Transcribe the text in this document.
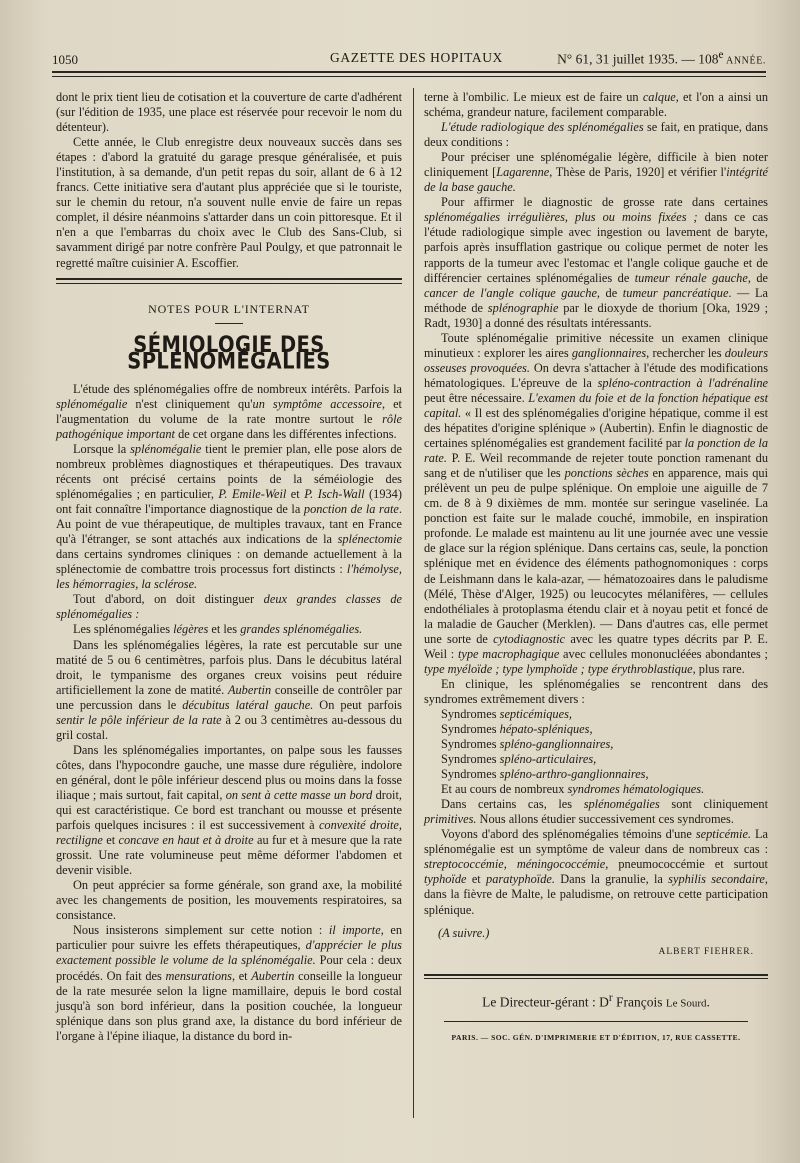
1050	GAZETTE DES HOPITAUX	N° 61, 31 juillet 1935. — 108e ANNÉE.

dont le prix tient lieu de cotisation et la couverture de carte d'adhérent (sur l'édition de 1935, une place est réservée pour recevoir le nom du détenteur).

Cette année, le Club enregistre deux nouveaux succès dans ses étapes : d'abord la gratuité du garage presque généralisée, et puis l'institution, à sa demande, d'un petit repas du soir, allant de 6 à 12 francs. Cette initiative sera d'autant plus appréciée que si le touriste, sur le chemin du retour, n'a souvent nulle envie de faire un repas complet, il désire néanmoins s'attarder dans un coin pittoresque. Et il n'en a que l'embarras du choix avec le Club des Sans-Club, si savamment dirigé par notre confrère Paul Poulgy, et que patronnait le regretté maître cuisinier A. Escoffier.

NOTES POUR L'INTERNAT
SÉMIOLOGIE DES SPLÉNOMÉGALIES

L'étude des splénomégalies offre de nombreux intérêts. Parfois la splénomégalie n'est cliniquement qu'un symptôme accessoire, et l'augmentation du volume de la rate montre surtout le rôle pathogénique important de cet organe dans les différentes infections.

Lorsque la splénomégalie tient le premier plan, elle pose alors de nombreux problèmes diagnostiques et thérapeutiques. Des travaux récents ont précisé certains points de la séméiologie des splénomégalies ; en particulier, P. Emile-Weil et P. Isch-Wall (1934) ont fait connaître l'importance diagnostique de la ponction de la rate. Au point de vue thérapeutique, de multiples travaux, tant en France qu'à l'étranger, se sont attachés aux indications de la splénectomie dans certains syndromes cliniques : on demande actuellement à la splénectomie de combattre trois processus fort distincts : l'hémolyse, les hémorragies, la sclérose.

Tout d'abord, on doit distinguer deux grandes classes de splénomégalies :

Les splénomégalies légères et les grandes splénomégalies.

Dans les splénomégalies légères, la rate est percutable sur une matité de 5 ou 6 centimètres, parfois plus. Dans le décubitus latéral droit, le tympanisme des organes creux voisins peut réduire artificiellement la zone de matité. Aubertin conseille de contrôler par une percussion dans le décubitus latéral gauche. On peut parfois sentir le pôle inférieur de la rate à 2 ou 3 centimètres au-dessous du gril costal.

Dans les splénomégalies importantes, on palpe sous les fausses côtes, dans l'hypocondre gauche, une masse dure régulière, indolore en général, dont le pôle inférieur descend plus ou moins dans la fosse iliaque ; mais surtout, fait capital, on sent à cette masse un bord droit, qui est caractéristique. Ce bord est tranchant ou mousse et présente parfois quelques incisures : il est successivement à convexité droite, rectiligne et concave en haut et à droite au fur et à mesure que la rate grossit. Une rate volumineuse peut même déformer l'abdomen et devenir visible.

On peut apprécier sa forme générale, son grand axe, la mobilité avec les changements de position, les mouvements respiratoires, sa consistance.

Nous insisterons simplement sur cette notion : il importe, en particulier pour suivre les effets thérapeutiques, d'apprécier le plus exactement possible le volume de la splénomégalie. Pour cela : deux procédés. On fait des mensurations, et Aubertin conseille la longueur de la rate mesurée selon la ligne mamillaire, depuis le bord costal jusqu'à son bord inférieur, dans la position couchée, la longueur splénique dans son plus grand axe, la distance du bord inférieur de l'organe à l'épine iliaque, la distance du bord in-

terne à l'ombilic. Le mieux est de faire un calque, et l'on a ainsi un schéma, grandeur nature, facilement comparable.

L'étude radiologique des splénomégalies se fait, en pratique, dans deux conditions :

Pour préciser une splénomégalie légère, difficile à bien noter cliniquement [Lagarenne, Thèse de Paris, 1920] et vérifier l'intégrité de la base gauche.

Pour affirmer le diagnostic de grosse rate dans certaines splénomégalies irrégulières, plus ou moins fixées ; dans ce cas l'étude radiologique simple avec ingestion ou lavement de baryte, parfois après insufflation gastrique ou colique permet de noter les rapports de la tumeur avec l'estomac et l'angle colique gauche et de différencier certaines splénomégalies de tumeur rénale gauche, de cancer de l'angle colique gauche, de tumeur pancréatique. — La méthode de splénographie par le dioxyde de thorium [Oka, 1929 ; Radt, 1930] a donné des résultats intéressants.

Toute splénomégalie primitive nécessite un examen clinique minutieux : explorer les aires ganglionnaires, rechercher les douleurs osseuses provoquées. On devra s'attacher à l'étude des modifications hématologiques. L'épreuve de la spléno-contraction à l'adrénaline peut être nécessaire. L'examen du foie et de la fonction hépatique est capital. « Il est des splénomégalies d'origine hépatique, comme il est des hépatites d'origine splénique » (Aubertin). Enfin le diagnostic de certaines splénomégalies est grandement facilité par la ponction de la rate. P. E. Weil recommande de rejeter toute ponction ramenant du sang et de n'utiliser que les ponctions sèches en apparence, mais qui prélèvent un peu de pulpe splénique. On emploie une aiguille de 7 cm. de 8 à 9 dixièmes de mm. montée sur seringue vaselinée. La ponction est faite sur le malade couché, immobile, en inspiration profonde. Le malade est maintenu au lit une journée avec une vessie de glace sur la région splénique. Dans certains cas, seule, la ponction splénique met en évidence des éléments pathognomoniques : corps de Leishmann dans le kala-azar, — hématozoaires dans le paludisme (Mélé, Thèse d'Alger, 1925) ou leucocytes mélanifères, — cellules endothéliales à protoplasma étendu clair et à noyau petit et foncé de la maladie de Gaucher (Merklen). — Dans d'autres cas, elle permet une sorte de cytodiagnostic avec les quatre types décrits par P. E. Weil : type macrophagique avec cellules mononucléées abondantes ; type myéloïde ; type lymphoïde ; type érythroblastique, plus rare.

En clinique, les splénomégalies se rencontrent dans des syndromes extrêmement divers :

Syndromes septicémiques,

Syndromes hépato-spléniques,

Syndromes spléno-ganglionnaires,

Syndromes spléno-articulaires,

Syndromes spléno-arthro-ganglionnaires,

Et au cours de nombreux syndromes hématologiques.

Dans certains cas, les splénomégalies sont cliniquement primitives. Nous allons étudier successivement ces syndromes.

Voyons d'abord des splénomégalies témoins d'une septicémie. La splénomégalie est un symptôme de valeur dans de nombreux cas : streptococcémie, méningococcémie, pneumococcémie et surtout typhoïde et paratyphoïde. Dans la granulie, la syphilis secondaire, dans la fièvre de Malte, le paludisme, on retrouve cette participation splénique.

(A suivre.)
ALBERT FIEHRER.
Le Directeur-gérant : $D^r$ François Le Sourd.
PARIS. — SOC. GÉN. D'IMPRIMERIE ET D'ÉDITION, 17, RUE CASSETTE.
